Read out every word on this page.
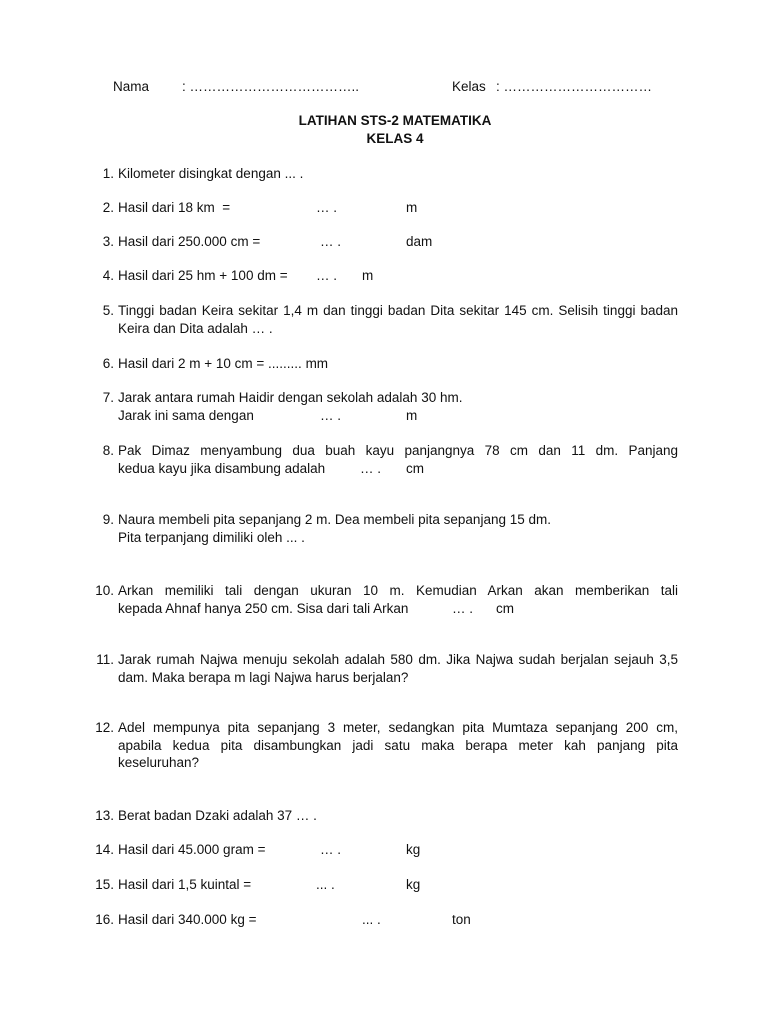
Nama : ………………………………..	Kelas : ……………………………
LATIHAN STS-2 MATEMATIKA
KELAS 4
1. Kilometer disingkat dengan ... .
2. Hasil dari 18 km  =	… .	m
3. Hasil dari 250.000 cm =	… .	dam
4. Hasil dari 25 hm + 100 dm = … . m
5. Tinggi badan Keira sekitar 1,4 m dan tinggi badan Dita sekitar 145 cm. Selisih tinggi badan Keira dan Dita adalah … .
6. Hasil dari 2 m + 10 cm = ......... mm
7. Jarak antara rumah Haidir dengan sekolah adalah 30 hm.
Jarak ini sama dengan	… .	m
8. Pak Dimaz menyambung dua buah kayu panjangnya 78 cm dan 11 dm. Panjang
kedua kayu jika disambung adalah	… . cm
9. Naura membeli pita sepanjang 2 m. Dea membeli pita sepanjang 15 dm.
Pita terpanjang dimiliki oleh ... .
10. Arkan memiliki tali dengan ukuran 10 m. Kemudian Arkan akan memberikan tali
kepada Ahnaf hanya 250 cm. Sisa dari tali Arkan	… . cm
11. Jarak rumah Najwa menuju sekolah adalah 580 dm. Jika Najwa sudah berjalan sejauh 3,5 dam. Maka berapa m lagi Najwa harus berjalan?
12. Adel mempunya pita sepanjang 3 meter, sedangkan pita Mumtaza sepanjang 200 cm, apabila kedua pita disambungkan jadi satu maka berapa meter kah panjang pita keseluruhan?
13. Berat badan Dzaki adalah 37 … .
14. Hasil dari 45.000 gram =	… .	kg
15. Hasil dari 1,5 kuintal =	... .	kg
16. Hasil dari 340.000 kg =	... .	ton
